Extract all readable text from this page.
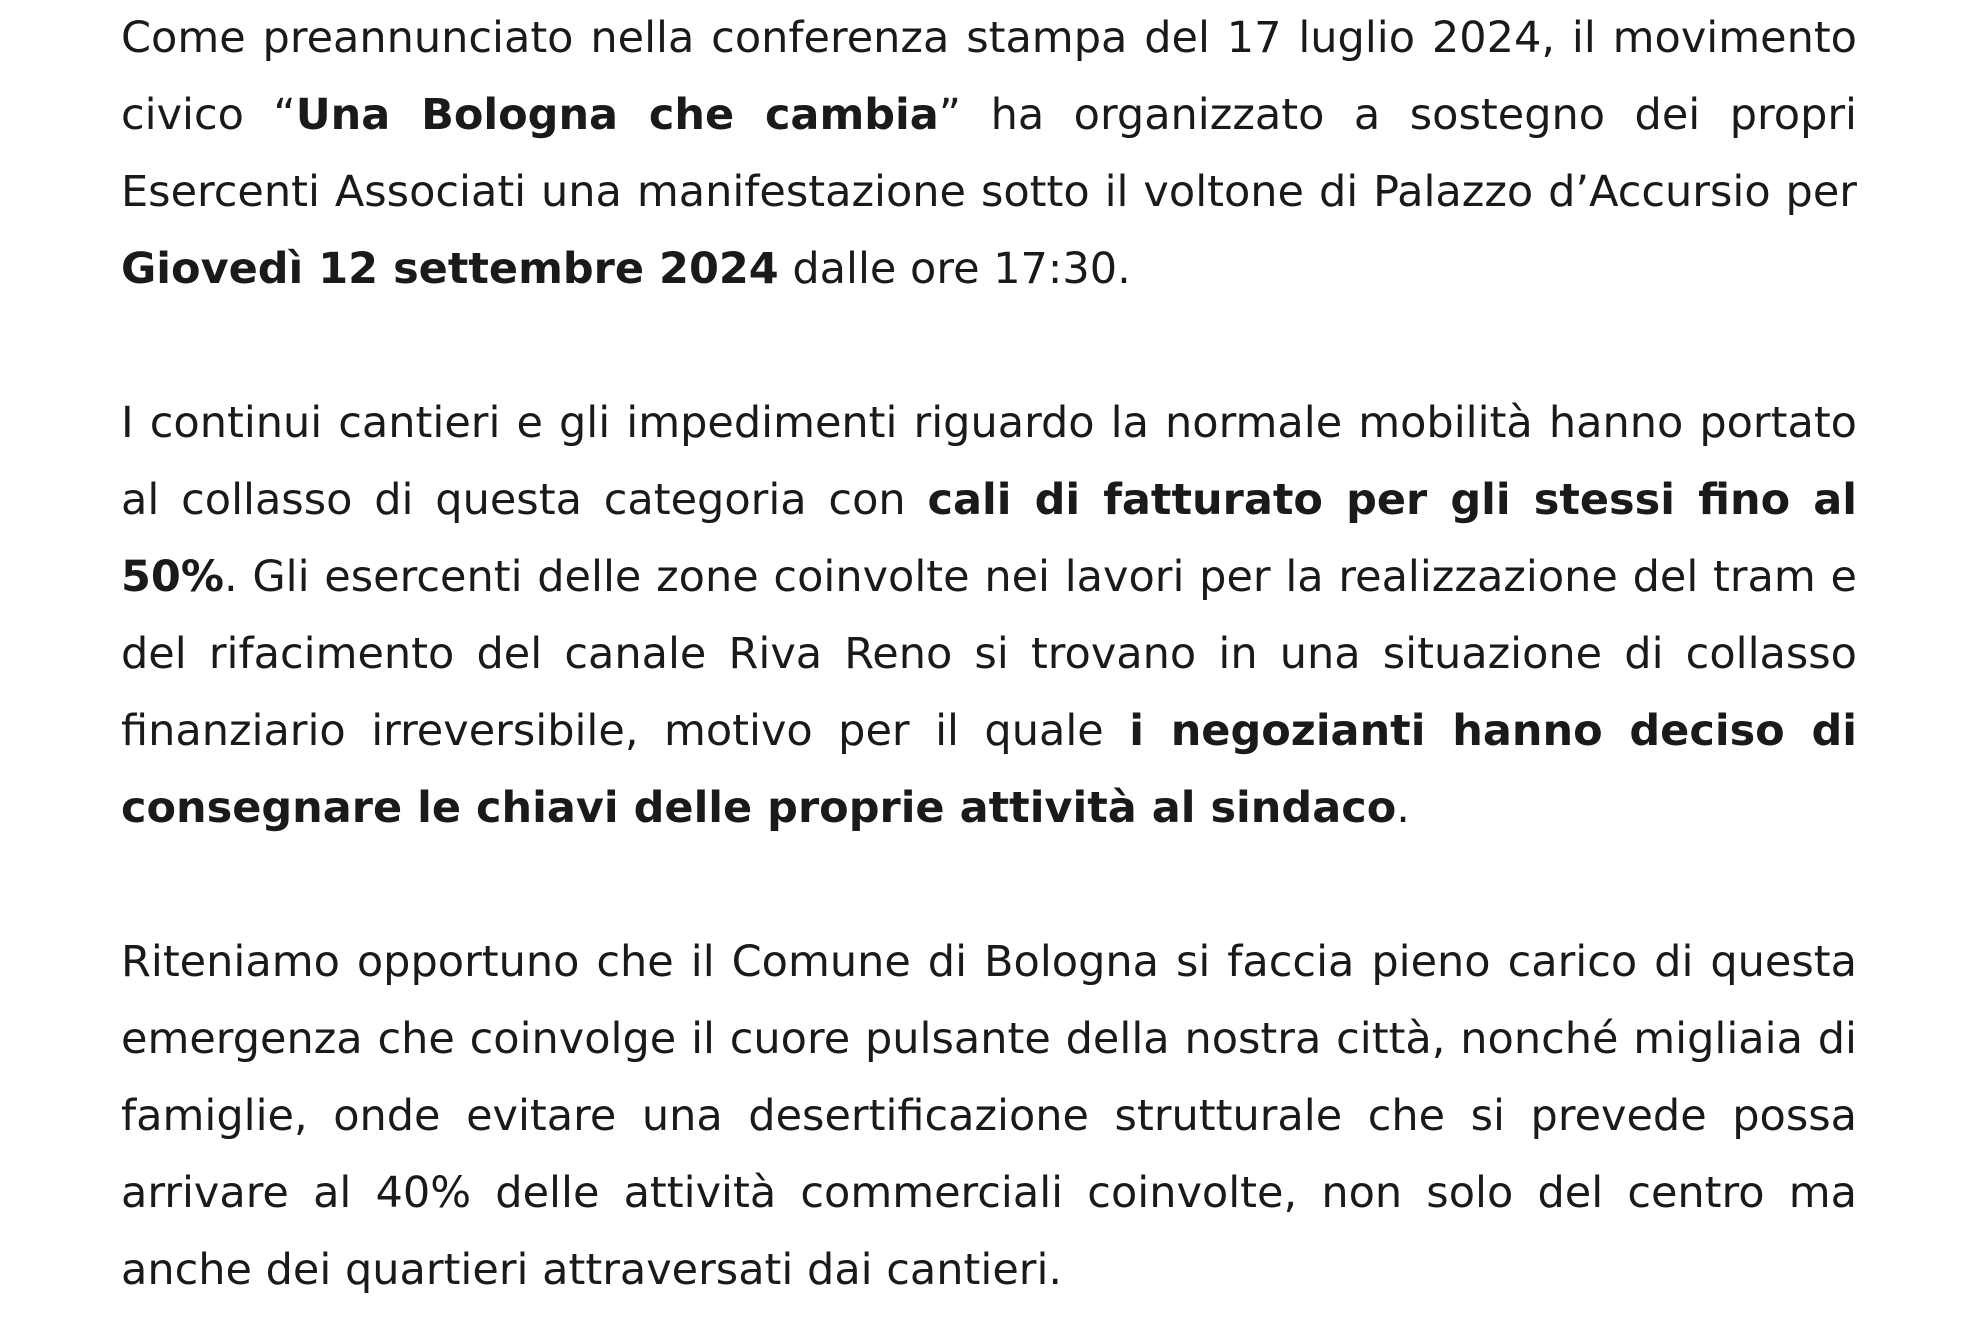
Come preannunciato nella conferenza stampa del 17 luglio 2024, il movimento civico “Una Bologna che cambia” ha organizzato a sostegno dei propri Esercenti Associati una manifestazione sotto il voltone di Palazzo d’Accursio per Giovedì 12 settembre 2024 dalle ore 17:30.

I continui cantieri e gli impedimenti riguardo la normale mobilità hanno portato al collasso di questa categoria con cali di fatturato per gli stessi fino al 50%. Gli esercenti delle zone coinvolte nei lavori per la realizzazione del tram e del rifacimento del canale Riva Reno si trovano in una situazione di collasso finanziario irreversibile, motivo per il quale i negozianti hanno deciso di consegnare le chiavi delle proprie attività al sindaco.

Riteniamo opportuno che il Comune di Bologna si faccia pieno carico di questa emergenza che coinvolge il cuore pulsante della nostra città, nonché migliaia di famiglie, onde evitare una desertificazione strutturale che si prevede possa arrivare al 40% delle attività commerciali coinvolte, non solo del centro ma anche dei quartieri attraversati dai cantieri.
